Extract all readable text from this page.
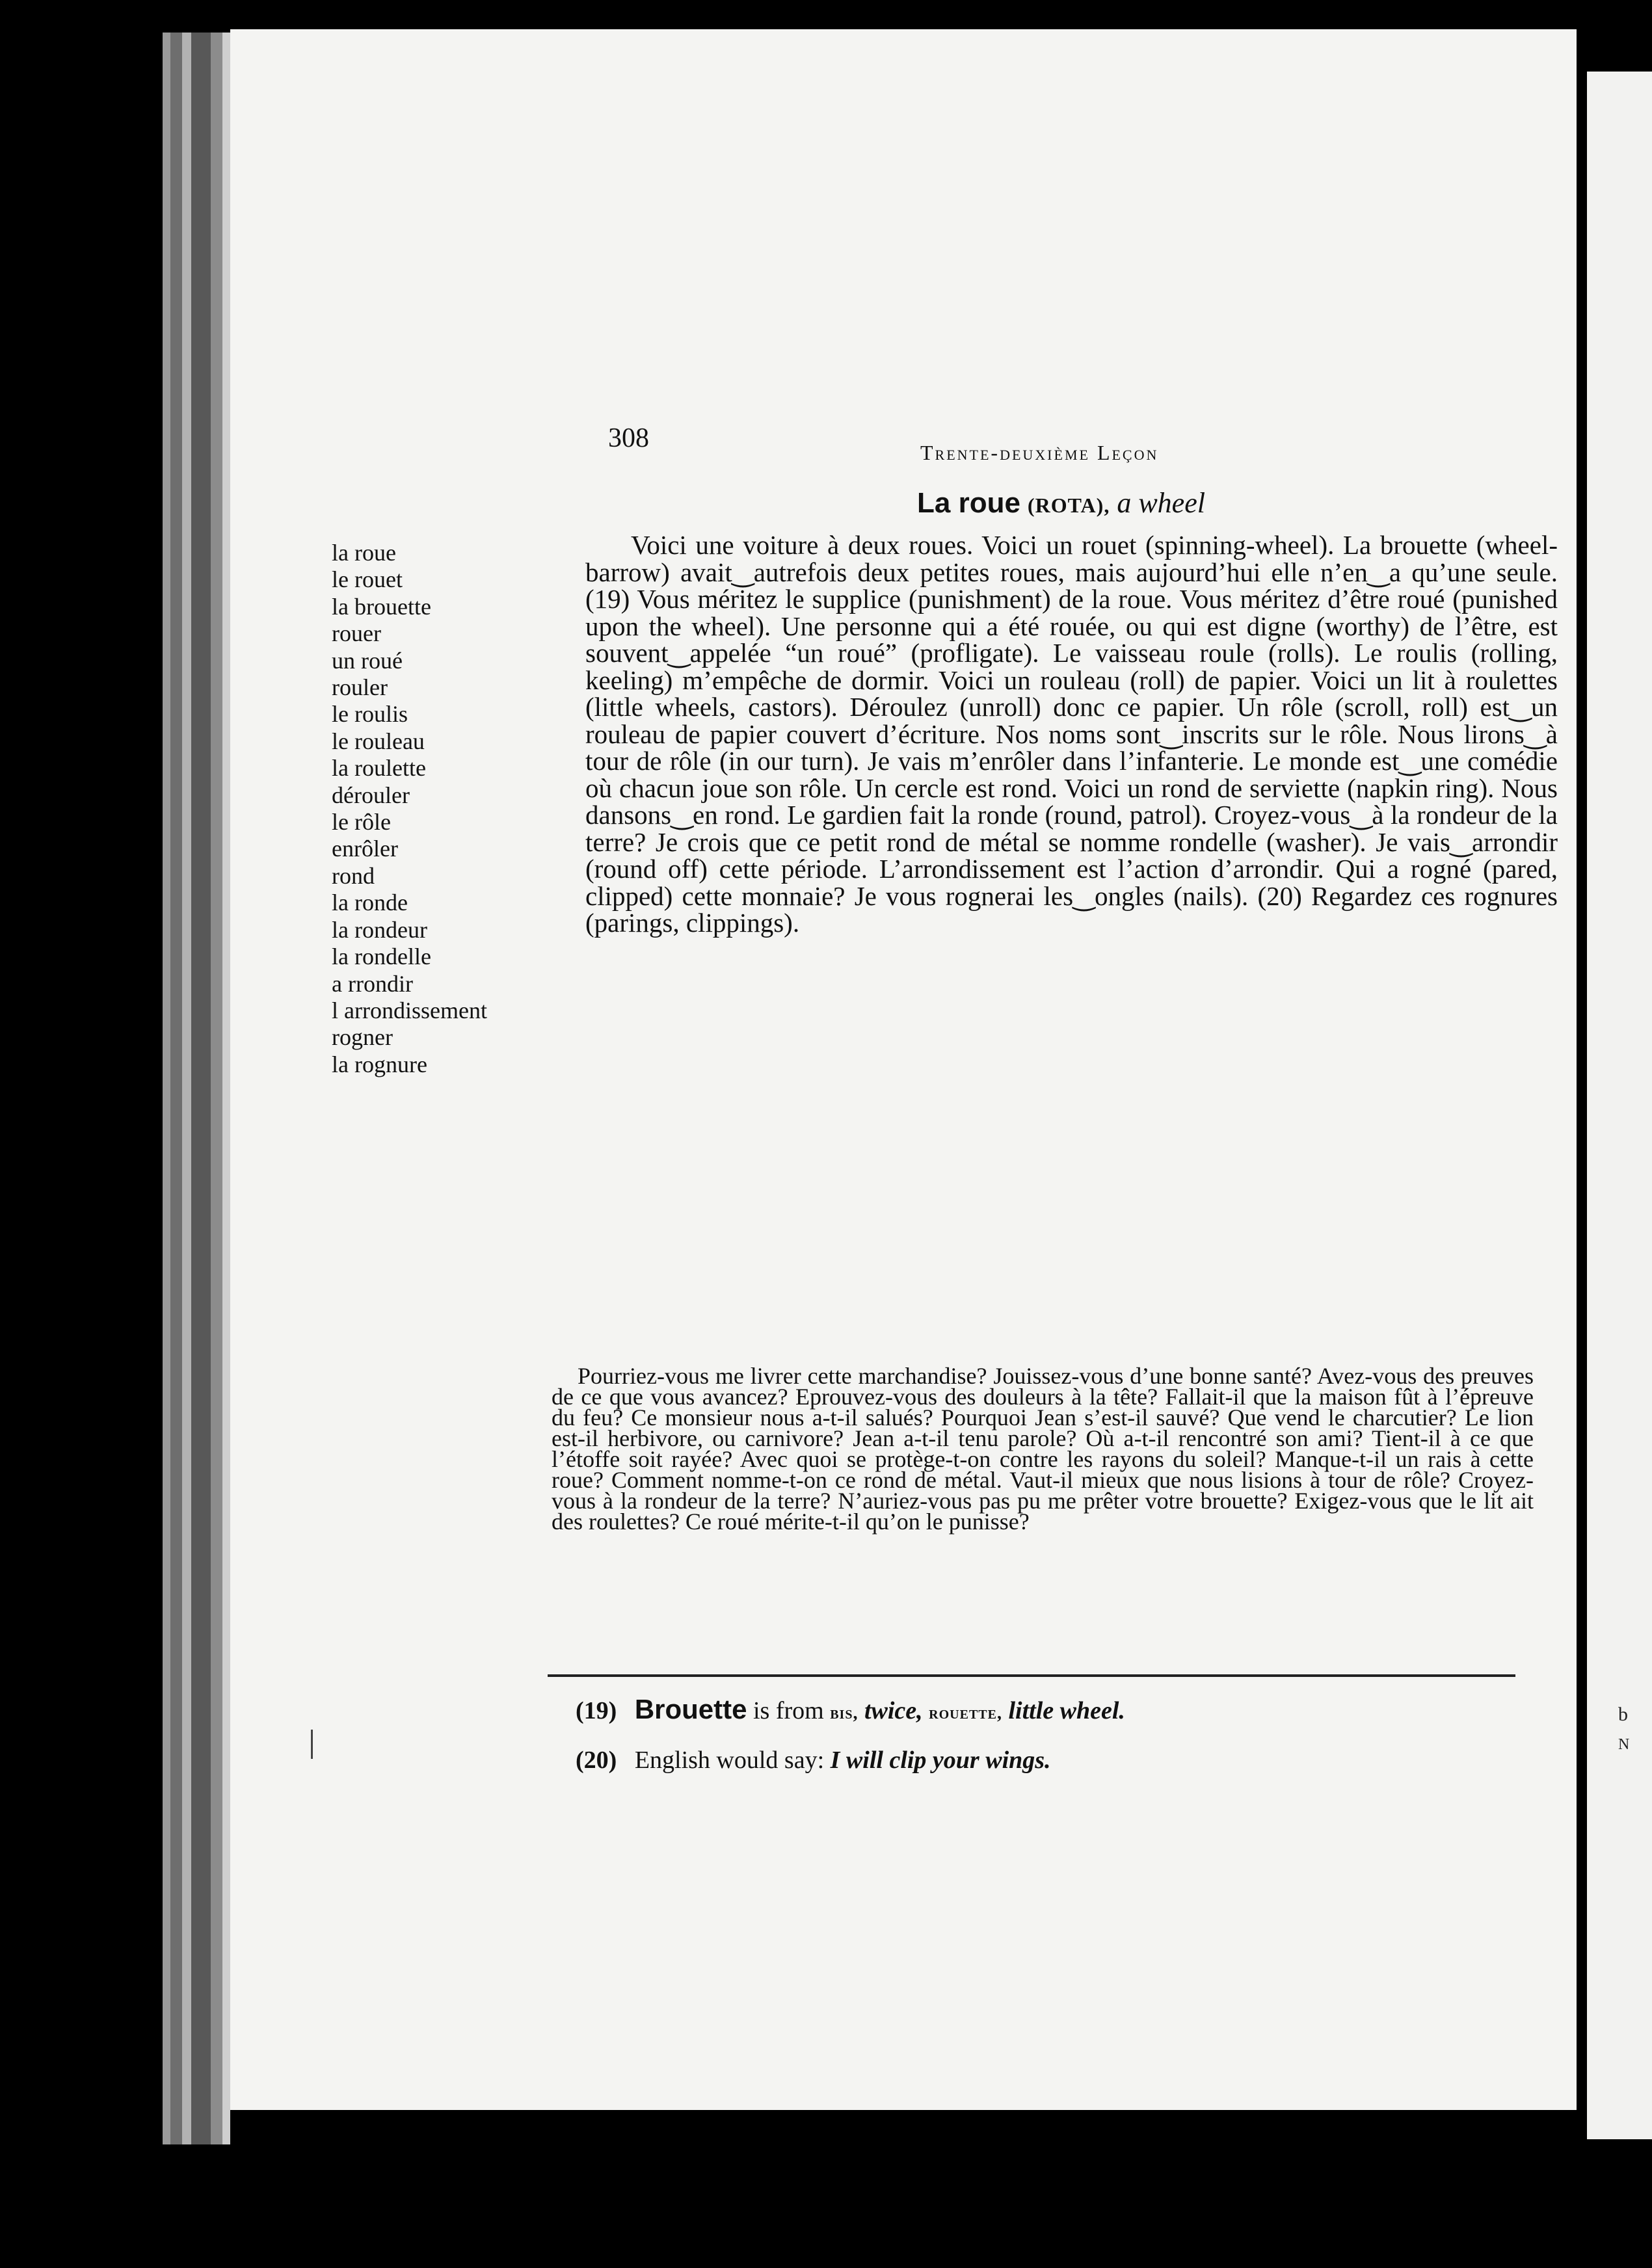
b
N
308	Trente-deuxième Leçon
La roue (ROTA), a wheel
la roue
le rouet
la brouette
rouer
un roué
rouler
le roulis
le rouleau
la roulette
dérouler
le rôle
enrôler
rond
la ronde
la rondeur
la rondelle
a rrondir
l arrondissement
rogner
la rognure
Voici une voiture à deux roues. Voici un rouet (spinning-wheel). La brouette (wheel-barrow) avait‿autrefois deux petites roues, mais aujourd’hui elle n’en‿a qu’une seule. (19) Vous méritez le supplice (punishment) de la roue. Vous méritez d’être roué (punished upon the wheel). Une personne qui a été rouée, ou qui est digne (worthy) de l’être, est souvent‿appelée “un roué” (profligate). Le vaisseau roule (rolls). Le roulis (rolling, keeling) m’empêche de dormir. Voici un rouleau (roll) de papier. Voici un lit à roulettes (little wheels, castors). Déroulez (unroll) donc ce papier. Un rôle (scroll, roll) est‿un rouleau de papier couvert d’écriture. Nos noms sont‿inscrits sur le rôle. Nous lirons‿à tour de rôle (in our turn). Je vais m’enrôler dans l’infanterie. Le monde est‿une comédie où chacun joue son rôle. Un cercle est rond. Voici un rond de serviette (napkin ring). Nous dansons‿en rond. Le gardien fait la ronde (round, patrol). Croyez-vous‿à la rondeur de la terre? Je crois que ce petit rond de métal se nomme rondelle (washer). Je vais‿arrondir (round off) cette période. L’arrondissement est l’action d’arrondir. Qui a rogné (pared, clipped) cette monnaie? Je vous rognerai les‿ongles (nails). (20) Regardez ces rognures (parings, clippings).
Pourriez-vous me livrer cette marchandise? Jouissez-vous d’une bonne santé? Avez-vous des preuves de ce que vous avancez? Eprouvez-vous des douleurs à la tête? Fallait-il que la maison fût à l’épreuve du feu? Ce monsieur nous a-t-il salués? Pourquoi Jean s’est-il sauvé? Que vend le charcutier? Le lion est-il herbivore, ou carnivore? Jean a-t-il tenu parole? Où a-t-il rencontré son ami? Tient-il à ce que l’étoffe soit rayée? Avec quoi se protège-t-on contre les rayons du soleil? Manque-t-il un rais à cette roue? Comment nomme-t-on ce rond de métal. Vaut-il mieux que nous lisions à tour de rôle? Croyez-vous à la rondeur de la terre? N’auriez-vous pas pu me prêter votre brouette? Exigez-vous que le lit ait des roulettes? Ce roué mérite-t-il qu’on le punisse?
(19) Brouette is from bis, twice, rouette, little wheel.
(20) English would say: I will clip your wings.
